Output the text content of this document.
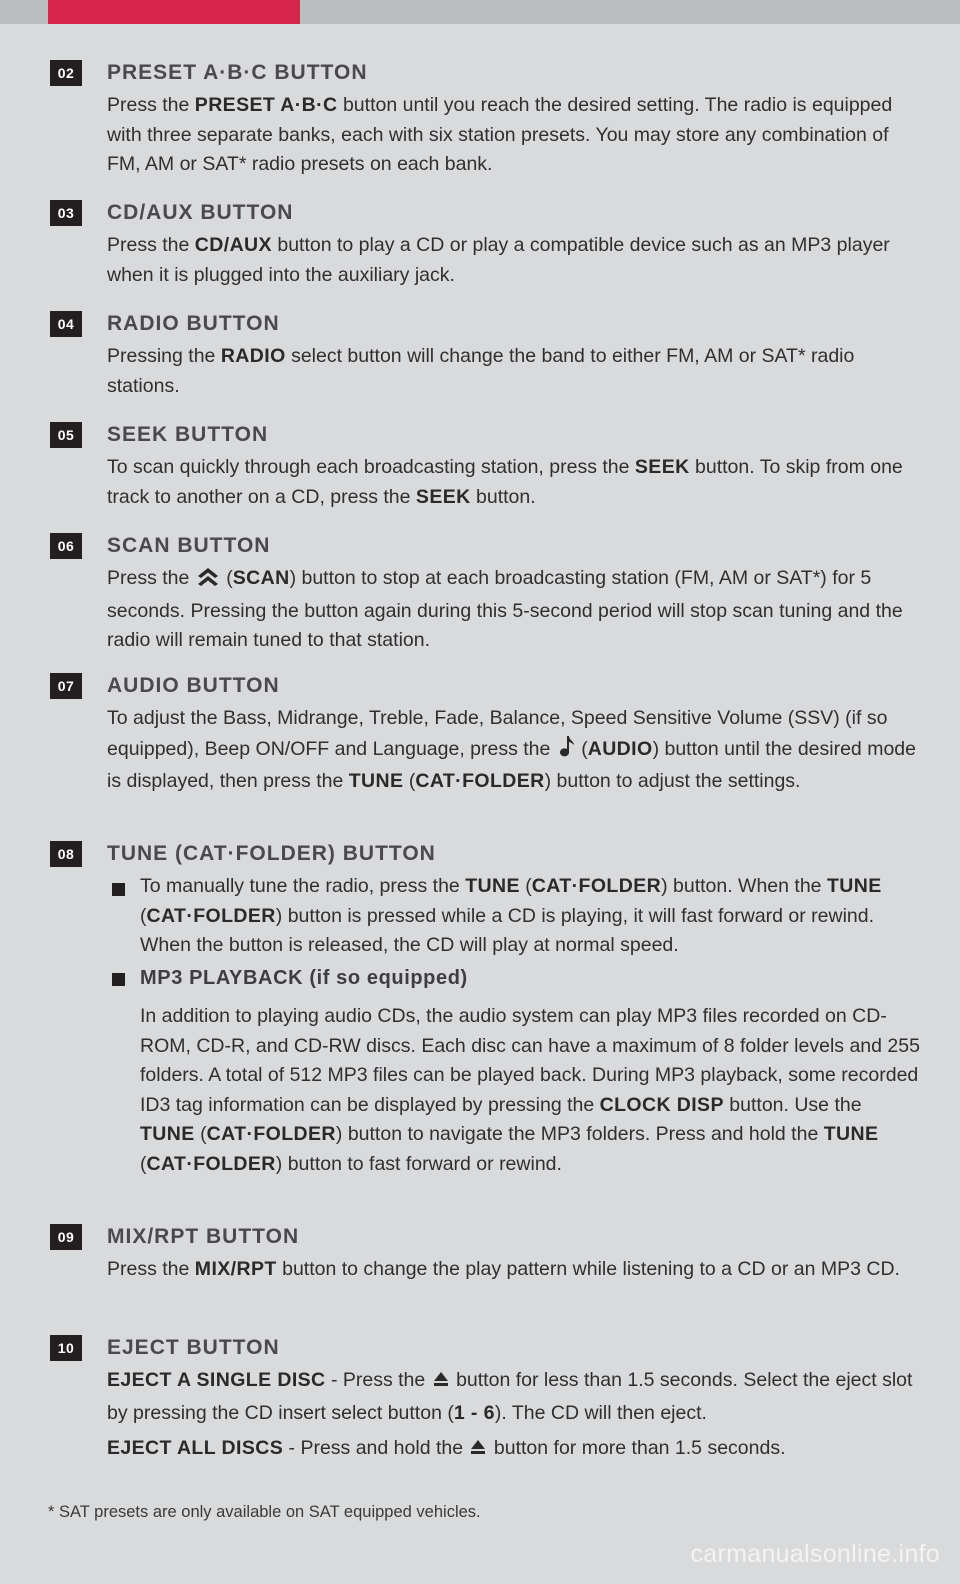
02	PRESET A·B·C BUTTON
Press the PRESET A·B·C button until you reach the desired setting. The radio is equipped with three separate banks, each with six station presets. You may store any combination of FM, AM or SAT* radio presets on each bank.
03	CD/AUX BUTTON
Press the CD/AUX button to play a CD or play a compatible device such as an MP3 player when it is plugged into the auxiliary jack.
04	RADIO BUTTON
Pressing the RADIO select button will change the band to either FM, AM or SAT* radio stations.
05	SEEK BUTTON
To scan quickly through each broadcasting station, press the SEEK button. To skip from one track to another on a CD, press the SEEK button.
06	SCAN BUTTON
Press the  (SCAN) button to stop at each broadcasting station (FM, AM or SAT*) for 5 seconds. Pressing the button again during this 5-second period will stop scan tuning and the radio will remain tuned to that station.
07	AUDIO BUTTON
To adjust the Bass, Midrange, Treble, Fade, Balance, Speed Sensitive Volume (SSV) (if so equipped), Beep ON/OFF and Language, press the  (AUDIO) button until the desired mode is displayed, then press the TUNE (CAT·FOLDER) button to adjust the settings.
08	TUNE (CAT·FOLDER) BUTTON
To manually tune the radio, press the TUNE (CAT·FOLDER) button. When the TUNE (CAT·FOLDER) button is pressed while a CD is playing, it will fast forward or rewind. When the button is released, the CD will play at normal speed.
MP3 PLAYBACK (if so equipped)
In addition to playing audio CDs, the audio system can play MP3 files recorded on CD-ROM, CD-R, and CD-RW discs. Each disc can have a maximum of 8 folder levels and 255 folders. A total of 512 MP3 files can be played back. During MP3 playback, some recorded ID3 tag information can be displayed by pressing the CLOCK DISP button. Use the TUNE (CAT·FOLDER) button to navigate the MP3 folders. Press and hold the TUNE (CAT·FOLDER) button to fast forward or rewind.
09	MIX/RPT BUTTON
Press the MIX/RPT button to change the play pattern while listening to a CD or an MP3 CD.
10	EJECT BUTTON
EJECT A SINGLE DISC - Press the  button for less than 1.5 seconds. Select the eject slot by pressing the CD insert select button (1 - 6). The CD will then eject.
EJECT ALL DISCS - Press and hold the  button for more than 1.5 seconds.
* SAT presets are only available on SAT equipped vehicles.
carmanualsonline.info
